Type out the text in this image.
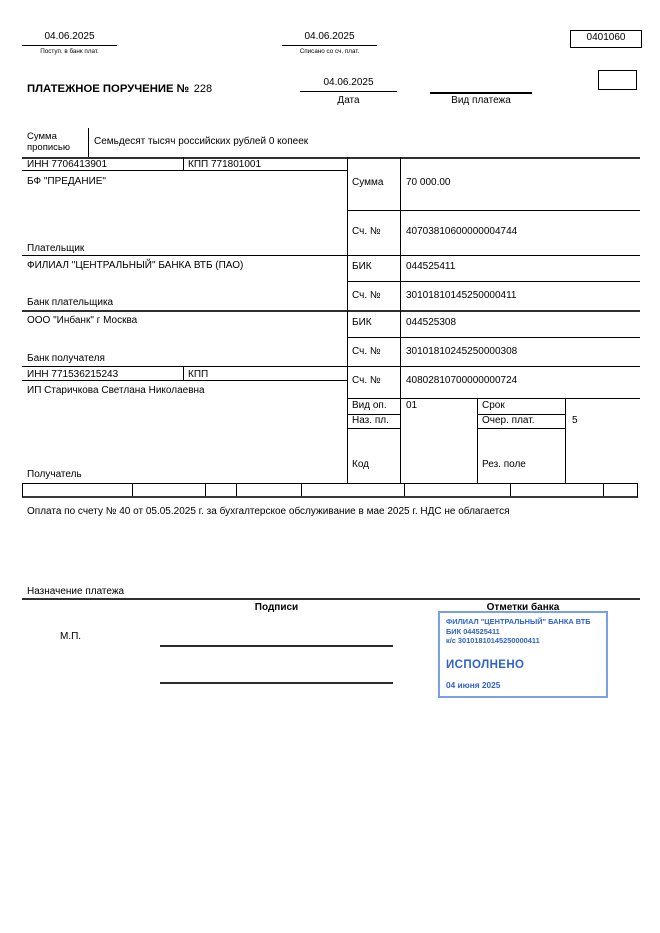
04.06.2025
Поступ. в банк плат.
04.06.2025
Списано со сч. плат.
0401060
ПЛАТЕЖНОЕ ПОРУЧЕНИЕ № 228
04.06.2025
Дата	Вид платежа
Сумма прописью
Семьдесят тысяч российских рублей 0 копеек
ИНН 7706413901	КПП 771801001
БФ "ПРЕДАНИЕ"
Плательщик
ФИЛИАЛ "ЦЕНТРАЛЬНЫЙ" БАНКА ВТБ (ПАО)
Банк плательщика
ООО "Инбанк" г Москва
Банк получателя
ИНН 771536215243	КПП
ИП Старичкова Светлана Николаевна
Получатель
Сумма 70 000.00
Сч. №	40703810600000004744
БИК	044525411
Сч. №	30101810145250000411
БИК	044525308
Сч. №	30101810245250000308
Сч. №	40802810700000000724
Вид оп. 01	Срок
Наз. пл.	Очер. плат.	5
Код	Рез. поле
Оплата по счету № 40 от 05.05.2025 г. за бухгалтерское обслуживание в мае 2025 г. НДС не облагается
Назначение платежа
Подписи	Отметки банка
М.П.
ФИЛИАЛ "ЦЕНТРАЛЬНЫЙ" БАНКА ВТБ
БИК 044525411
к/с 30101810145250000411
ИСПОЛНЕНО
04 июня 2025
